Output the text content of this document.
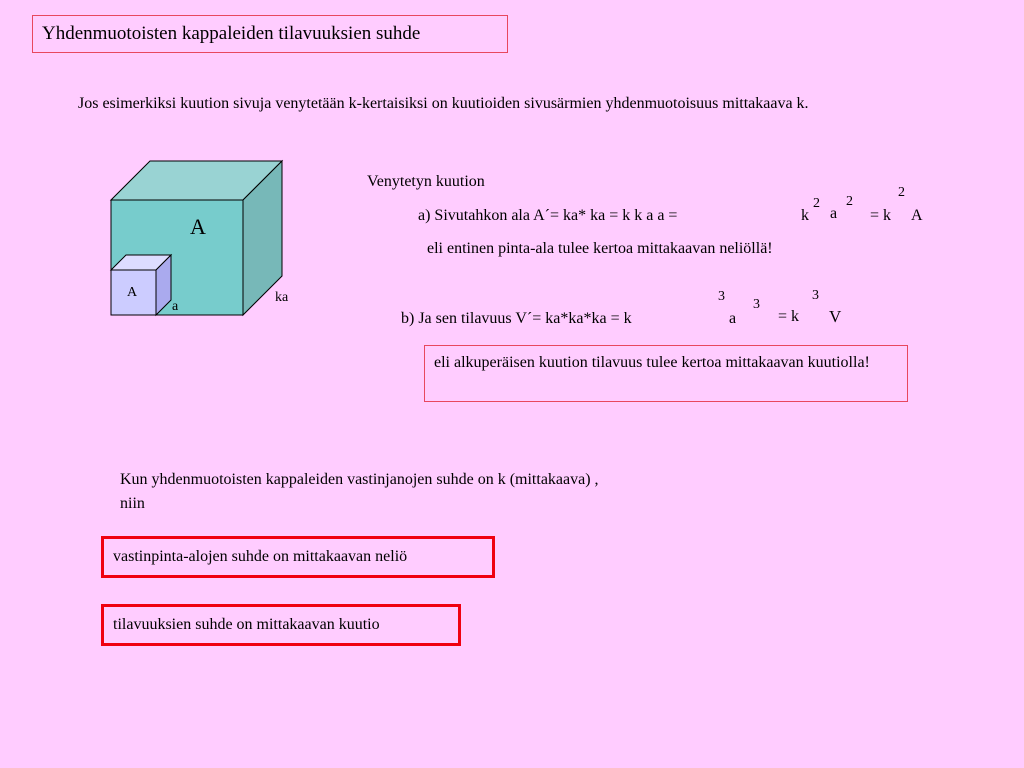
Yhdenmuotoisten kappaleiden tilavuuksien suhde
Jos esimerkiksi kuution sivuja venytetään k-kertaisiksi on kuutioiden sivusärmien yhdenmuotoisuus mittakaava k.
A
A
a
ka
Venytetyn kuution
a) Sivutahkon ala A´= ka* ka = k k a a =	k
2
a
2
= k
2
A
eli entinen pinta-ala tulee kertoa mittakaavan neliöllä!
b) Ja sen tilavuus V´= ka*ka*ka = k
3
a
3
= k
3
V
eli alkuperäisen kuution tilavuus tulee kertoa mittakaavan kuutiolla!
Kun yhdenmuotoisten kappaleiden vastinjanojen suhde on k (mittakaava) ,
niin
vastinpinta-alojen suhde on mittakaavan neliö
tilavuuksien suhde on mittakaavan kuutio
